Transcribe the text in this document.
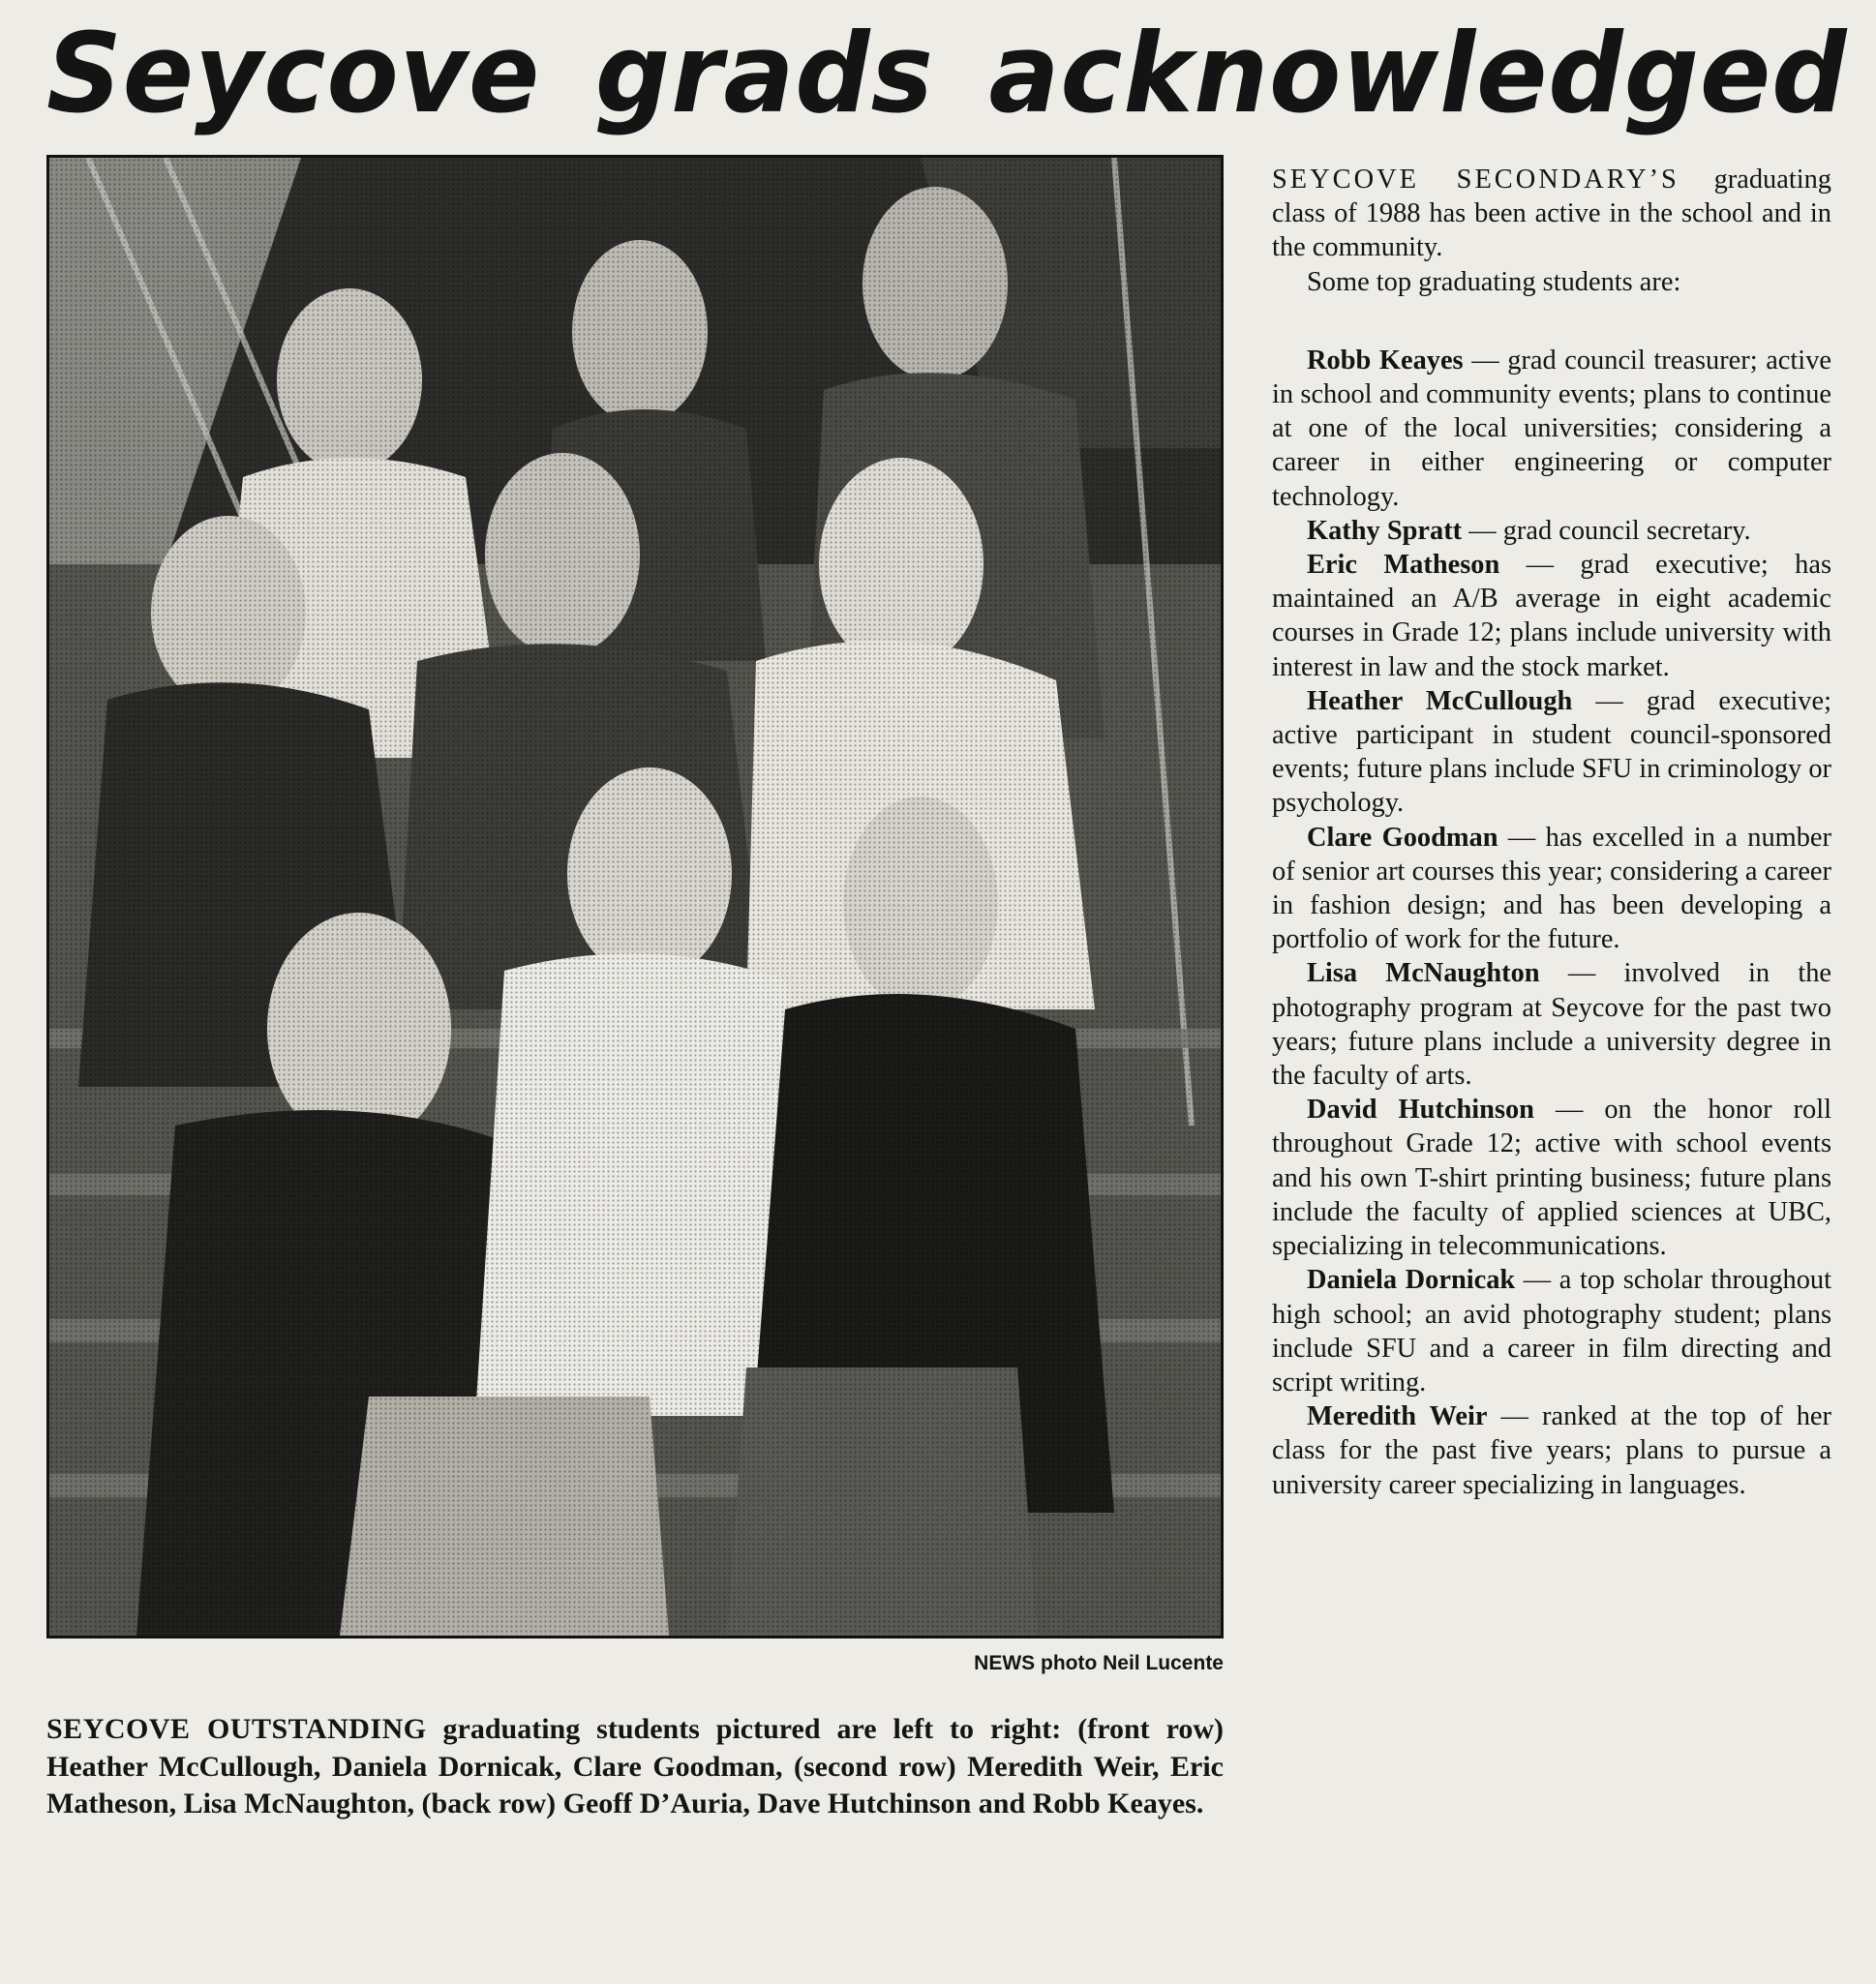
Seycove grads acknowledged
NEWS photo Neil Lucente

SEYCOVE OUTSTANDING graduating students pictured are left to right: (front row) Heather McCullough, Daniela Dornicak, Clare Goodman, (second row) Meredith Weir, Eric Matheson, Lisa McNaughton, (back row) Geoff D’Auria, Dave Hutchinson and Robb Keayes.

SEYCOVE SECONDARY’S graduating class of 1988 has been active in the school and in the community.

Some top graduating students are:

Robb Keayes — grad council treasurer; active in school and community events; plans to continue at one of the local universities; considering a career in either engineering or computer technology.

Kathy Spratt — grad council secretary.

Eric Matheson — grad executive; has maintained an A/B average in eight academic courses in Grade 12; plans include university with interest in law and the stock market.

Heather McCullough — grad executive; active participant in student council-sponsored events; future plans include SFU in criminology or psychology.

Clare Goodman — has excelled in a number of senior art courses this year; considering a career in fashion design; and has been developing a portfolio of work for the future.

Lisa McNaughton — involved in the photography program at Seycove for the past two years; future plans include a university degree in the faculty of arts.

David Hutchinson — on the honor roll throughout Grade 12; active with school events and his own T-shirt printing business; future plans include the faculty of applied sciences at UBC, specializing in telecommunications.

Daniela Dornicak — a top scholar throughout high school; an avid photography student; plans include SFU and a career in film directing and script writing.

Meredith Weir — ranked at the top of her class for the past five years; plans to pursue a university career specializing in languages.
